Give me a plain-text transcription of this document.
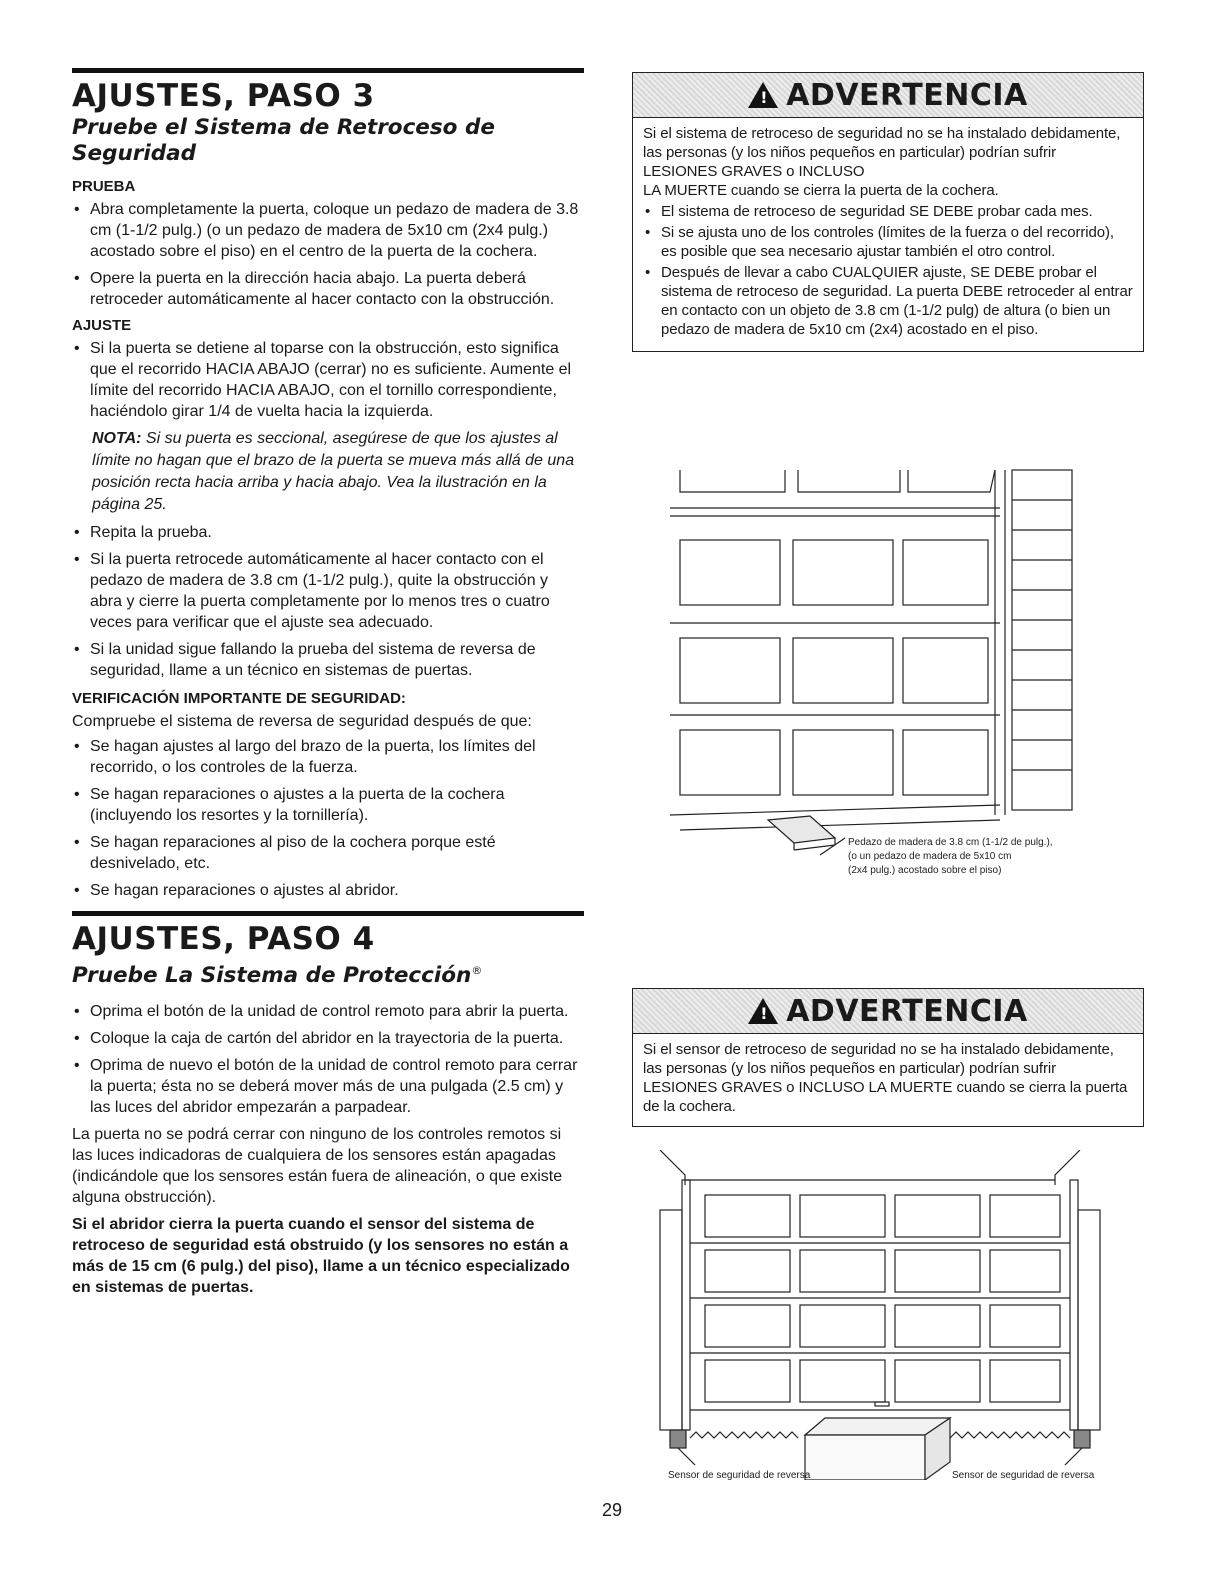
AJUSTES, PASO 3
Pruebe el Sistema de Retroceso de Seguridad
PRUEBA
• Abra completamente la puerta, coloque un pedazo de madera de 3.8 cm (1-1/2 pulg.) (o un pedazo de madera de 5x10 cm (2x4 pulg.) acostado sobre el piso) en el centro de la puerta de la cochera.
• Opere la puerta en la dirección hacia abajo. La puerta deberá retroceder automáticamente al hacer contacto con la obstrucción.
AJUSTE
• Si la puerta se detiene al toparse con la obstrucción, esto significa que el recorrido HACIA ABAJO (cerrar) no es suficiente. Aumente el límite del recorrido HACIA ABAJO, con el tornillo correspondiente, haciéndolo girar 1/4 de vuelta hacia la izquierda.
NOTA: Si su puerta es seccional, asegúrese de que los ajustes al límite no hagan que el brazo de la puerta se mueva más allá de una posición recta hacia arriba y hacia abajo. Vea la ilustración en la página 25.
• Repita la prueba.
• Si la puerta retrocede automáticamente al hacer contacto con el pedazo de madera de 3.8 cm (1-1/2 pulg.), quite la obstrucción y abra y cierre la puerta completamente por lo menos tres o cuatro veces para verificar que el ajuste sea adecuado.
• Si la unidad sigue fallando la prueba del sistema de reversa de seguridad, llame a un técnico en sistemas de puertas.
VERIFICACIÓN IMPORTANTE DE SEGURIDAD:
Compruebe el sistema de reversa de seguridad después de que:
• Se hagan ajustes al largo del brazo de la puerta, los límites del recorrido, o los controles de la fuerza.
• Se hagan reparaciones o ajustes a la puerta de la cochera (incluyendo los resortes y la tornillería).
• Se hagan reparaciones al piso de la cochera porque esté desnivelado, etc.
• Se hagan reparaciones o ajustes al abridor.
AJUSTES, PASO 4
Pruebe La Sistema de Protección®
• Oprima el botón de la unidad de control remoto para abrir la puerta.
• Coloque la caja de cartón del abridor en la trayectoria de la puerta.
• Oprima de nuevo el botón de la unidad de control remoto para cerrar la puerta; ésta no se deberá mover más de una pulgada (2.5 cm) y las luces del abridor empezarán a parpadear.
La puerta no se podrá cerrar con ninguno de los controles remotos si las luces indicadoras de cualquiera de los sensores están apagadas (indicándole que los sensores están fuera de alineación, o que existe alguna obstrucción).
Si el abridor cierra la puerta cuando el sensor del sistema de retroceso de seguridad está obstruido (y los sensores no están a más de 15 cm (6 pulg.) del piso), llame a un técnico especializado en sistemas de puertas.
!
ADVERTENCIA
Si el sistema de retroceso de seguridad no se ha instalado debidamente, las personas (y los niños pequeños en particular) podrían sufrir LESIONES GRAVES o INCLUSO
LA MUERTE cuando se cierra la puerta de la cochera.
• El sistema de retroceso de seguridad SE DEBE probar cada mes.
• Si se ajusta uno de los controles (límites de la fuerza o del recorrido), es posible que sea necesario ajustar también el otro control.
• Después de llevar a cabo CUALQUIER ajuste, SE DEBE probar el sistema de retroceso de seguridad. La puerta DEBE retroceder al entrar en contacto con un objeto de 3.8 cm (1-1/2 pulg) de altura (o bien un pedazo de madera de 5x10 cm (2x4) acostado en el piso.
Pedazo de madera de 3.8 cm (1-1/2 de pulg.),
(o un pedazo de madera de 5x10 cm
(2x4 pulg.) acostado sobre el piso)
!
ADVERTENCIA
Si el sensor de retroceso de seguridad no se ha instalado debidamente, las personas (y los niños pequeños en particular) podrían sufrir LESIONES GRAVES o INCLUSO LA MUERTE cuando se cierra la puerta de la cochera.
Sensor de seguridad de reversa	Sensor de seguridad de reversa
29
